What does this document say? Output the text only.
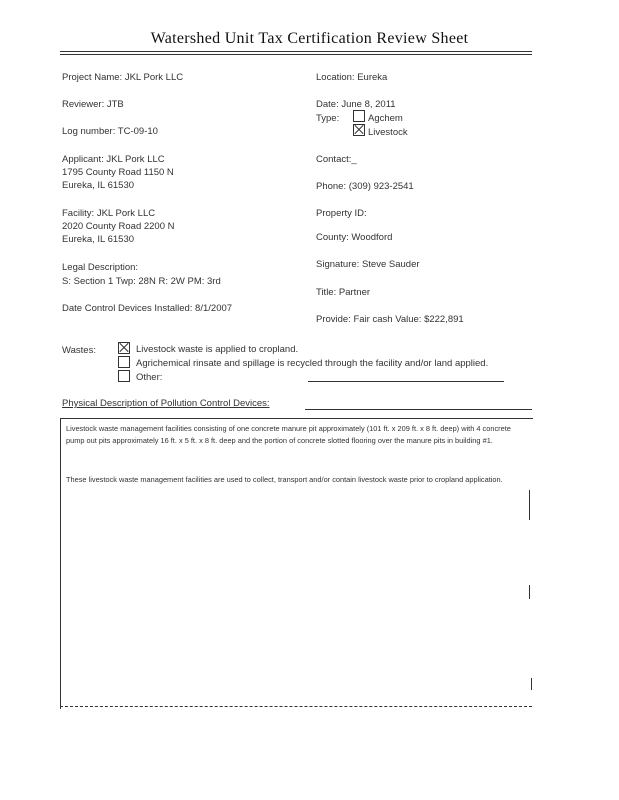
Watershed Unit Tax Certification Review Sheet
Project Name: JKL Pork LLC
Reviewer: JTB
Log number: TC-09-10
Applicant: JKL Pork LLC
1795 County Road 1150 N
Eureka, IL 61530
Facility: JKL Pork LLC
2020 County Road 2200 N
Eureka, IL 61530
Legal Description:
S: Section 1 Twp: 28N R: 2W PM: 3rd
Date Control Devices Installed: 8/1/2007
Location: Eureka
Date: June 8, 2011
Type:	Agchem
Livestock
Contact:_
Phone: (309) 923-2541
Property ID:
County: Woodford
Signature: Steve Sauder
Title: Partner
Provide: Fair cash Value: $222,891
Wastes:	Livestock waste is applied to cropland.
Agrichemical rinsate and spillage is recycled through the facility and/or land applied.
Other:
Physical Description of Pollution Control Devices:
Livestock waste management facilities consisting of one concrete manure pit approximately (101 ft. x 209 ft. x 8 ft. deep) with 4 concrete pump out pits approximately 16 ft. x 5 ft. x 8 ft. deep and the portion of concrete slotted flooring over the manure pits in building #1.
These livestock waste management facilities are used to collect, transport and/or contain livestock waste prior to cropland application.
